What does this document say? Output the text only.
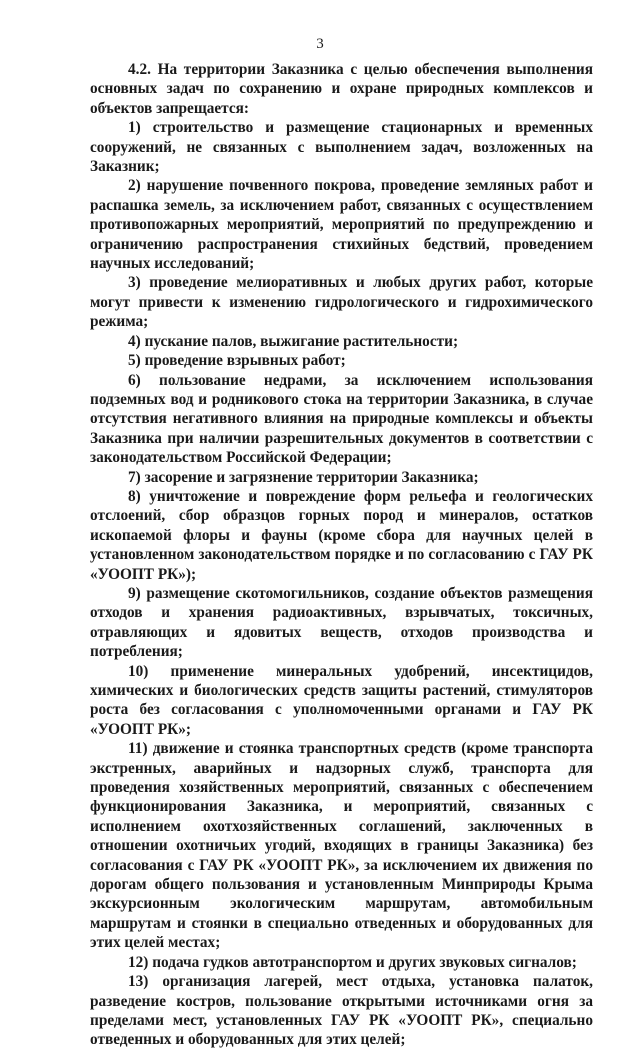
3

4.2. На территории Заказника с целью обеспечения выполнения основных задач по сохранению и охране природных комплексов и объектов запрещается:

1) строительство и размещение стационарных и временных сооружений, не связанных с выполнением задач, возложенных на Заказник;

2) нарушение почвенного покрова, проведение земляных работ и распашка земель, за исключением работ, связанных с осуществлением противопожарных мероприятий, мероприятий по предупреждению и ограничению распространения стихийных бедствий, проведением научных исследований;

3) проведение мелиоративных и любых других работ, которые могут привести к изменению гидрологического и гидрохимического режима;

4) пускание палов, выжигание растительности;

5) проведение взрывных работ;

6) пользование недрами, за исключением использования подземных вод и родникового стока на территории Заказника, в случае отсутствия негативного влияния на природные комплексы и объекты Заказника при наличии разрешительных документов в соответствии с законодательством Российской Федерации;

7) засорение и загрязнение территории Заказника;

8) уничтожение и повреждение форм рельефа и геологических отслоений, сбор образцов горных пород и минералов, остатков ископаемой флоры и фауны (кроме сбора для научных целей в установленном законодательством порядке и по согласованию с ГАУ РК «УООПТ РК»);

9) размещение скотомогильников, создание объектов размещения отходов и хранения радиоактивных, взрывчатых, токсичных, отравляющих и ядовитых веществ, отходов производства и потребления;

10) применение минеральных удобрений, инсектицидов, химических и биологических средств защиты растений, стимуляторов роста без согласования с уполномоченными органами и ГАУ РК «УООПТ РК»;

11) движение и стоянка транспортных средств (кроме транспорта экстренных, аварийных и надзорных служб, транспорта для проведения хозяйственных мероприятий, связанных с обеспечением функционирования Заказника, и мероприятий, связанных с исполнением охотхозяйственных соглашений, заключенных в отношении охотничьих угодий, входящих в границы Заказника) без согласования с ГАУ РК «УООПТ РК», за исключением их движения по дорогам общего пользования и установленным Минприроды Крыма экскурсионным экологическим маршрутам, автомобильным маршрутам и стоянки в специально отведенных и оборудованных для этих целей местах;

12) подача гудков автотранспортом и других звуковых сигналов;

13) организация лагерей, мест отдыха, установка палаток, разведение костров, пользование открытыми источниками огня за пределами мест, установленных ГАУ РК «УООПТ РК», специально отведенных и оборудованных для этих целей;
